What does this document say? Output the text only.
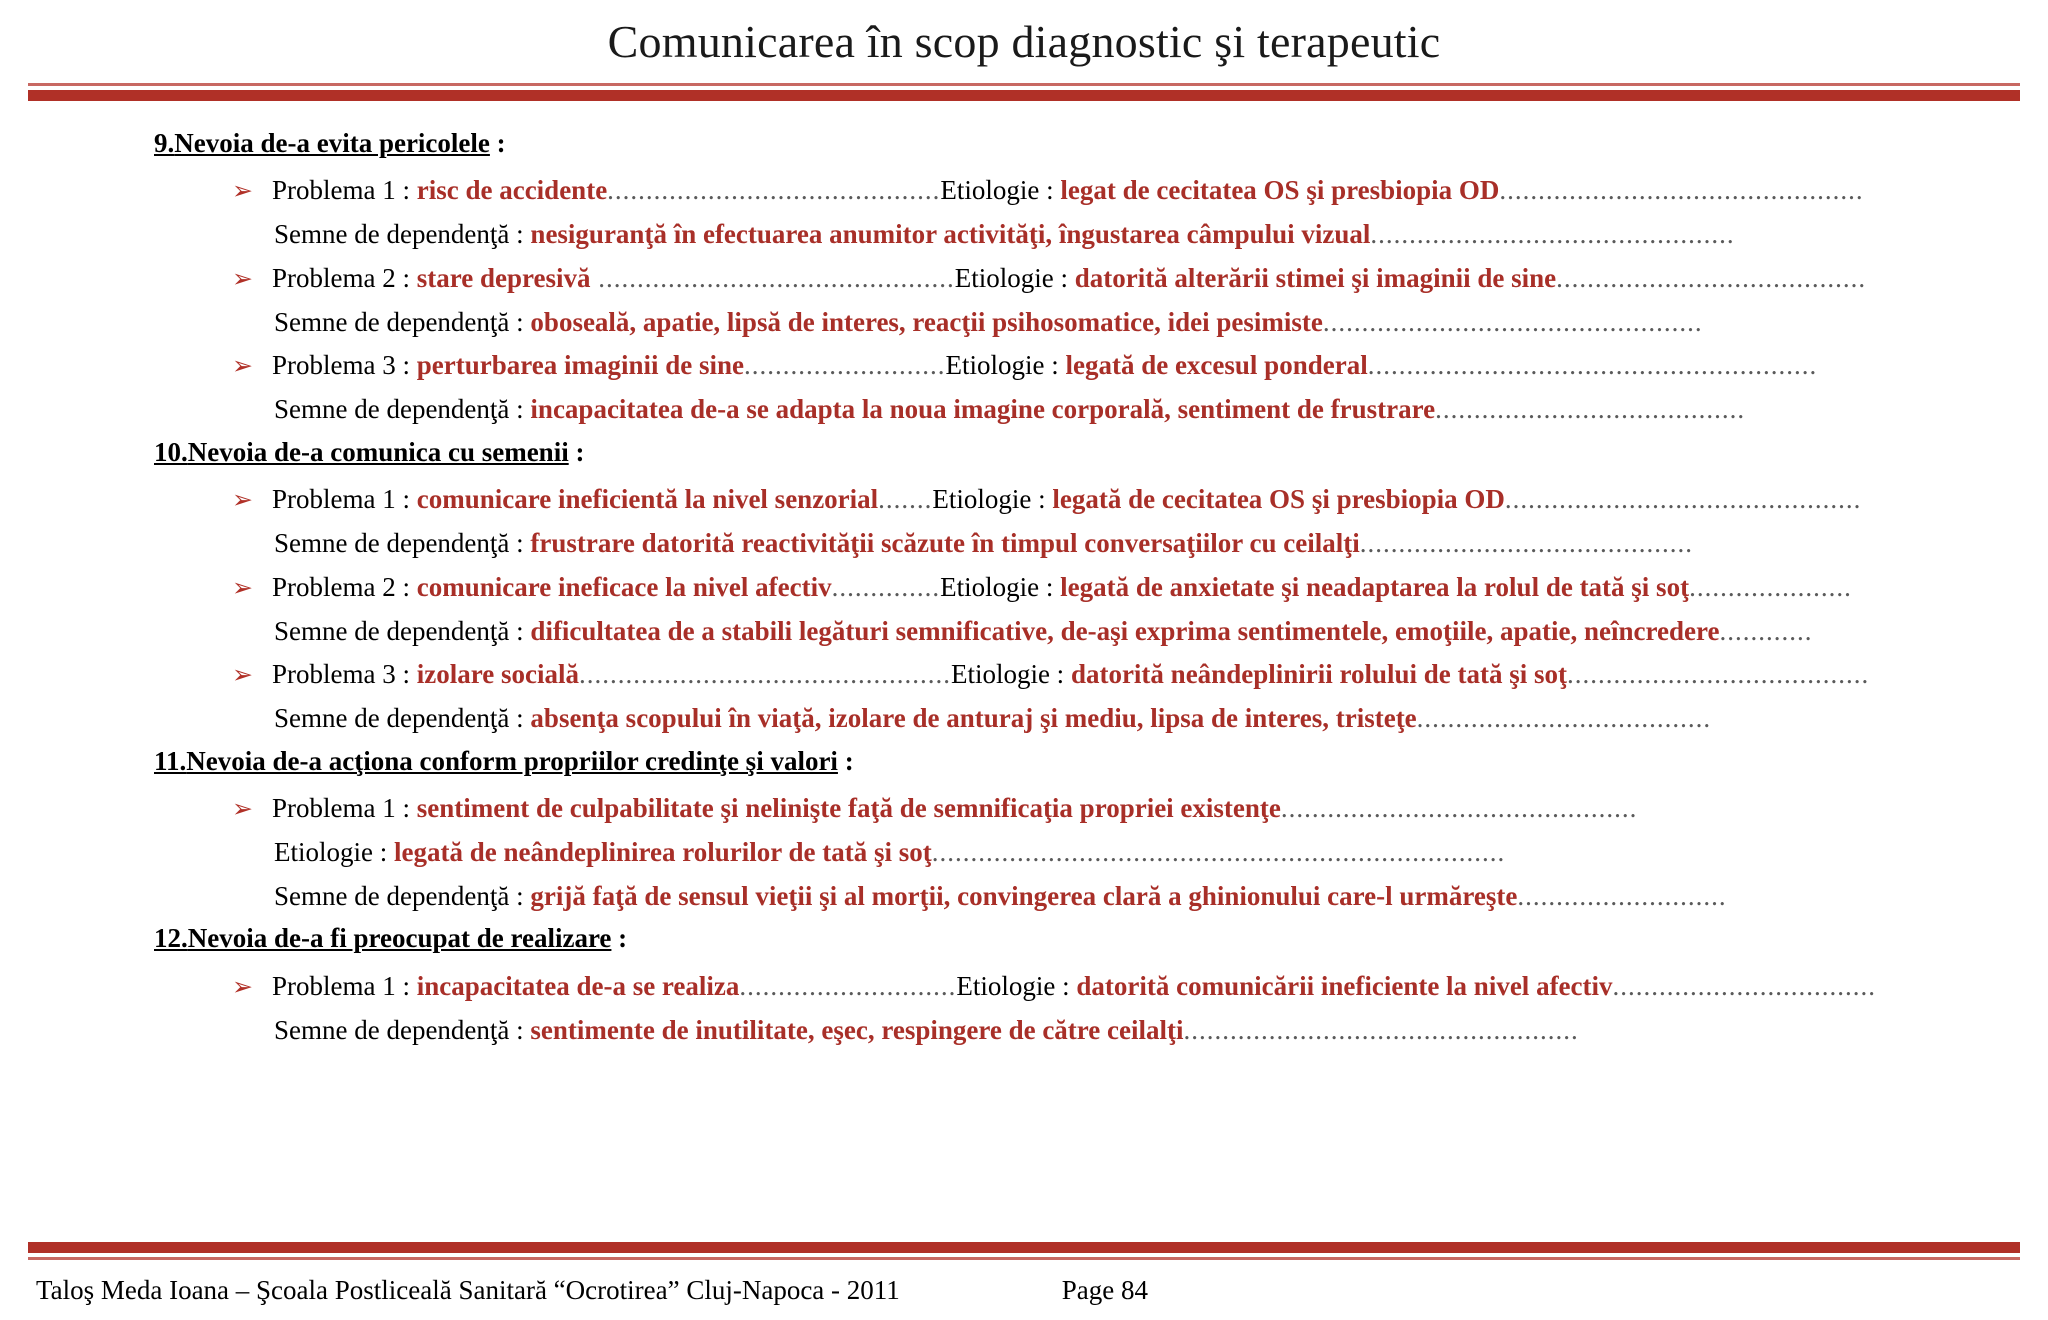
Comunicarea în scop diagnostic şi terapeutic
9.Nevoia de-a evita pericolele :
➢ Problema 1 : risc de accidente...........................................Etiologie : legat de cecitatea OS şi presbiopia OD...............................................
Semne de dependenţă : nesiguranţă în efectuarea anumitor activităţi, îngustarea câmpului vizual...............................................
➢ Problema 2 : stare depresivă ..............................................Etiologie : datorită alterării stimei şi imaginii de sine........................................
Semne de dependenţă : oboseală, apatie, lipsă de interes, reacţii psihosomatice, idei pesimiste.................................................
➢ Problema 3 : perturbarea imaginii de sine..........................Etiologie : legată de excesul ponderal..........................................................
Semne de dependenţă : incapacitatea de-a se adapta la noua imagine corporală, sentiment de frustrare........................................
10.Nevoia de-a comunica cu semenii :
➢ Problema 1 : comunicare ineficientă la nivel senzorial.......Etiologie : legată de cecitatea OS şi presbiopia OD..............................................
Semne de dependenţă : frustrare datorită reactivităţii scăzute în timpul conversaţiilor cu ceilalţi...........................................
➢ Problema 2 : comunicare ineficace la nivel afectiv..............Etiologie : legată de anxietate şi neadaptarea la rolul de tată şi soţ.....................
Semne de dependenţă : dificultatea de a stabili legături semnificative, de-aşi exprima sentimentele, emoţiile, apatie, neîncredere............
➢ Problema 3 : izolare socială................................................Etiologie : datorită neândeplinirii rolului de tată şi soţ.......................................
Semne de dependenţă : absenţa scopului în viaţă, izolare de anturaj şi mediu, lipsa de interes, tristeţe......................................
11.Nevoia de-a acţiona conform propriilor credinţe şi valori :
➢ Problema 1 : sentiment de culpabilitate şi nelinişte faţă de semnificaţia propriei existenţe..............................................
Etiologie : legată de neândeplinirea rolurilor de tată şi soţ..........................................................................
Semne de dependenţă : grijă faţă de sensul vieţii şi al morţii, convingerea clară a ghinionului care-l urmăreşte...........................
12.Nevoia de-a fi preocupat de realizare :
➢ Problema 1 : incapacitatea de-a se realiza............................Etiologie : datorită comunicării ineficiente la nivel afectiv..................................
Semne de dependenţă : sentimente de inutilitate, eşec, respingere de către ceilalţi...................................................
Taloş Meda Ioana – Şcoala Postliceală Sanitară “Ocrotirea” Cluj-Napoca - 2011	Page 84
